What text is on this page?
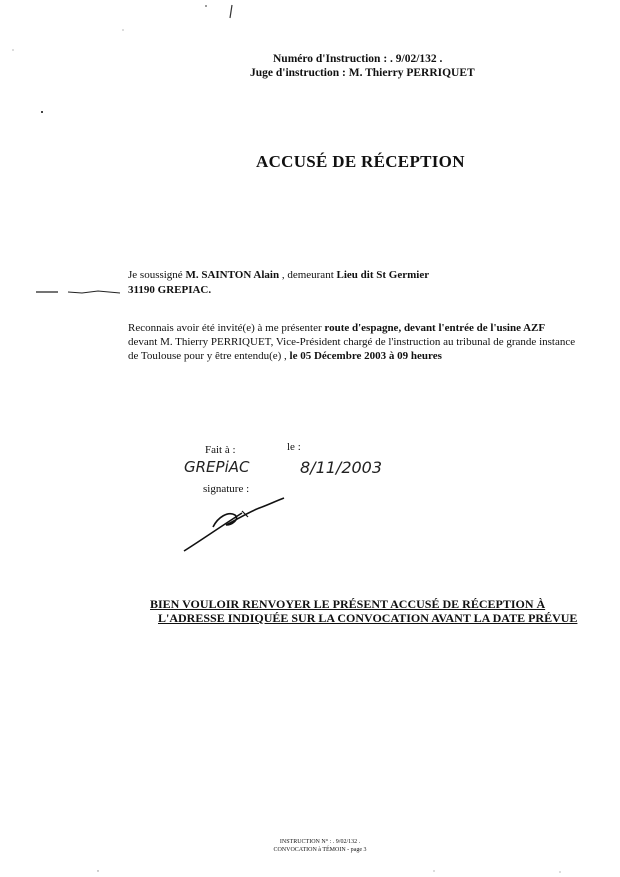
Numéro d'Instruction : . 9/02/132 .
Juge d'instruction : M. Thierry PERRIQUET
ACCUSÉ DE RÉCEPTION
Je soussigné M. SAINTON Alain , demeurant Lieu dit St Germier
31190 GREPIAC.
Reconnais avoir été invité(e) à me présenter route d'espagne, devant l'entrée de l'usine AZF
devant M. Thierry PERRIQUET, Vice-Président chargé de l'instruction au tribunal de grande instance
de Toulouse pour y être entendu(e) , le 05 Décembre 2003 à 09 heures
Fait à :	le :
GREPiAC	8/11/2003
signature :
BIEN VOULOIR RENVOYER LE PRÉSENT ACCUSÉ DE RÉCEPTION À
L'ADRESSE INDIQUÉE SUR LA CONVOCATION AVANT LA DATE PRÉVUE
INSTRUCTION N° : . 9/02/132 .
CONVOCATION à TÉMOIN - page 3
